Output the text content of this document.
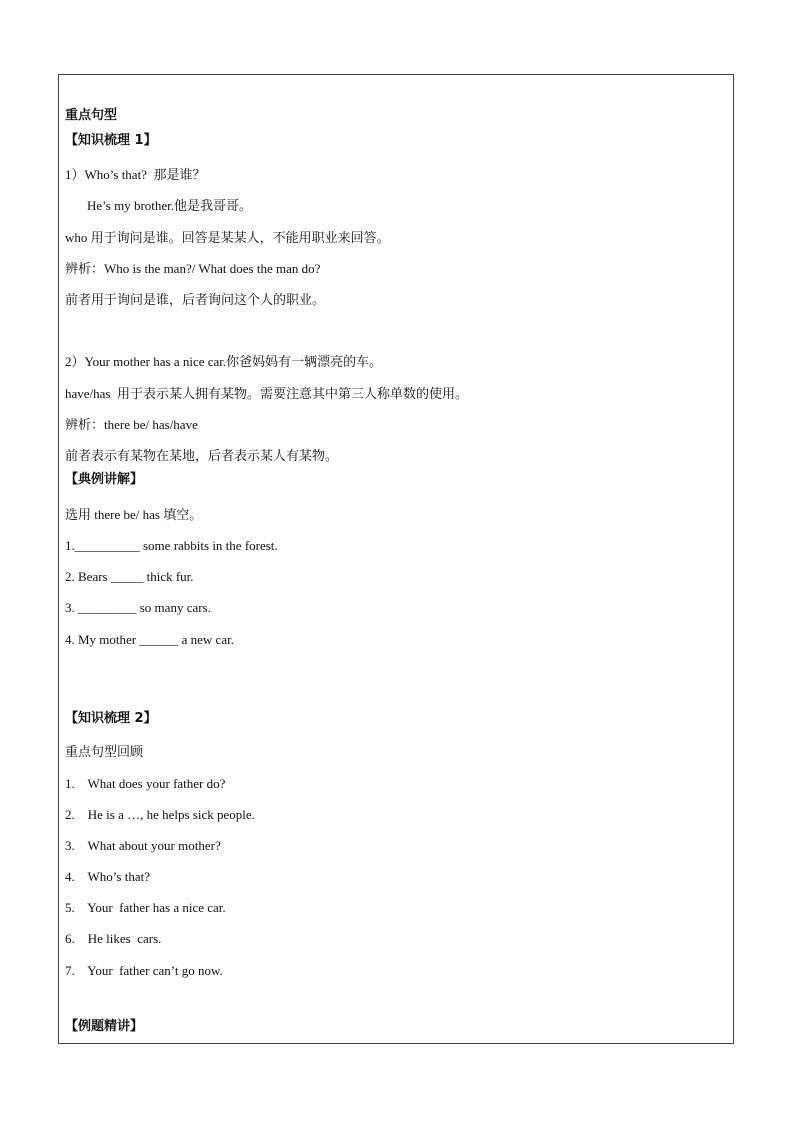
重点句型
【知识梳理 1】
1）Who’s that?  那是谁？
He’s my brother.他是我哥哥。
who 用于询问是谁。回答是某某人，不能用职业来回答。
辨析：Who is the man?/ What does the man do?
前者用于询问是谁，后者询问这个人的职业。
2）Your mother has a nice car.你爸妈妈有一辆漂亮的车。
have/has  用于表示某人拥有某物。需要注意其中第三人称单数的使用。
辨析：there be/ has/have
前者表示有某物在某地，后者表示某人有某物。
【典例讲解】
选用 there be/ has 填空。
1.__________ some rabbits in the forest.
2. Bears _____ thick fur.
3. _________ so many cars.
4. My mother ______ a new car.
【知识梳理 2】
重点句型回顾
1.    What does your father do?
2.    He is a …, he helps sick people.
3.    What about your mother?
4.    Who’s that?
5.    Your  father has a nice car.
6.    He likes  cars.
7.    Your  father can’t go now.
【例题精讲】
